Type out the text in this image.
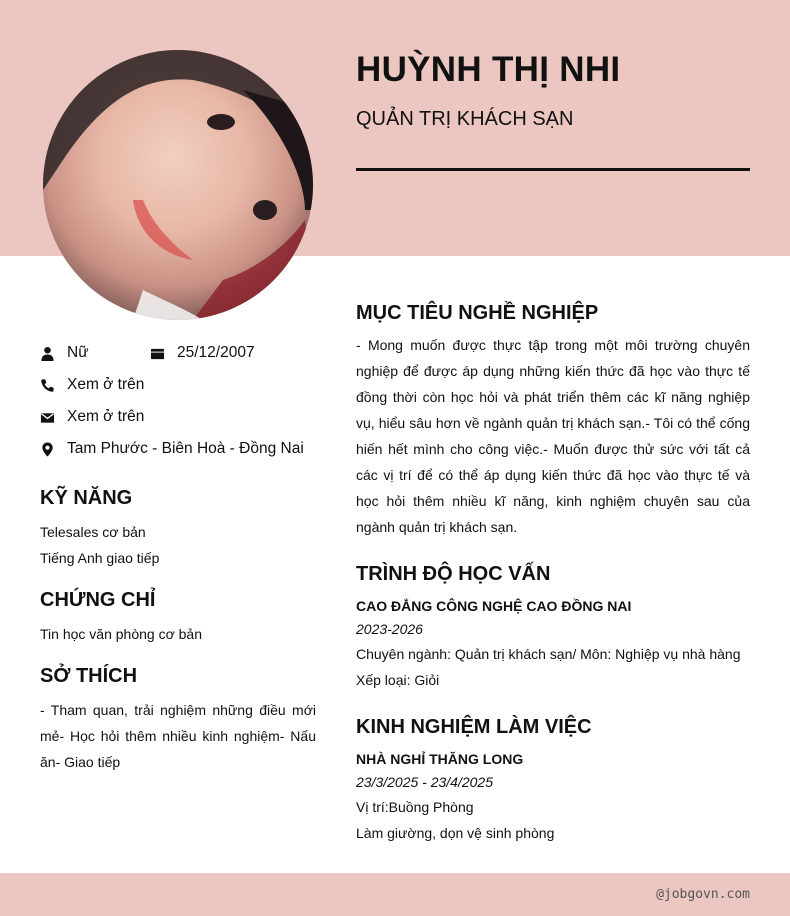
HUỲNH THỊ NHI
QUẢN TRỊ KHÁCH SẠN
Nữ	25/12/2007
Xem ở trên
Xem ở trên
Tam Phước - Biên Hoà - Đồng Nai
KỸ NĂNG
Telesales cơ bản
Tiếng Anh giao tiếp
CHỨNG CHỈ
Tin học văn phòng cơ bản
SỞ THÍCH
- Tham quan, trải nghiệm những điều mới mẻ- Học hỏi thêm nhiều kinh nghiệm- Nấu ăn- Giao tiếp
MỤC TIÊU NGHỀ NGHIỆP
- Mong muốn được thực tập trong một môi trường chuyên nghiệp để được áp dụng những kiến thức đã học vào thực tế đồng thời còn học hỏi và phát triển thêm các kĩ năng nghiệp vụ, hiểu sâu hơn về ngành quản trị khách sạn.- Tôi có thể cống hiến hết mình cho công việc.- Muốn được thử sức với tất cả các vị trí để có thể áp dụng kiến thức đã học vào thực tế và học hỏi thêm nhiều kĩ năng, kinh nghiệm chuyên sau của ngành quản trị khách sạn.
TRÌNH ĐỘ HỌC VẤN
CAO ĐẲNG CÔNG NGHỆ CAO ĐỒNG NAI
2023-2026
Chuyên ngành: Quản trị khách sạn/ Môn: Nghiệp vụ nhà hàng
Xếp loại: Giỏi
KINH NGHIỆM LÀM VIỆC
NHÀ NGHỈ THĂNG LONG
23/3/2025 - 23/4/2025
Vị trí:Buồng Phòng
Làm giường, dọn vệ sinh phòng
@jobgovn.com
